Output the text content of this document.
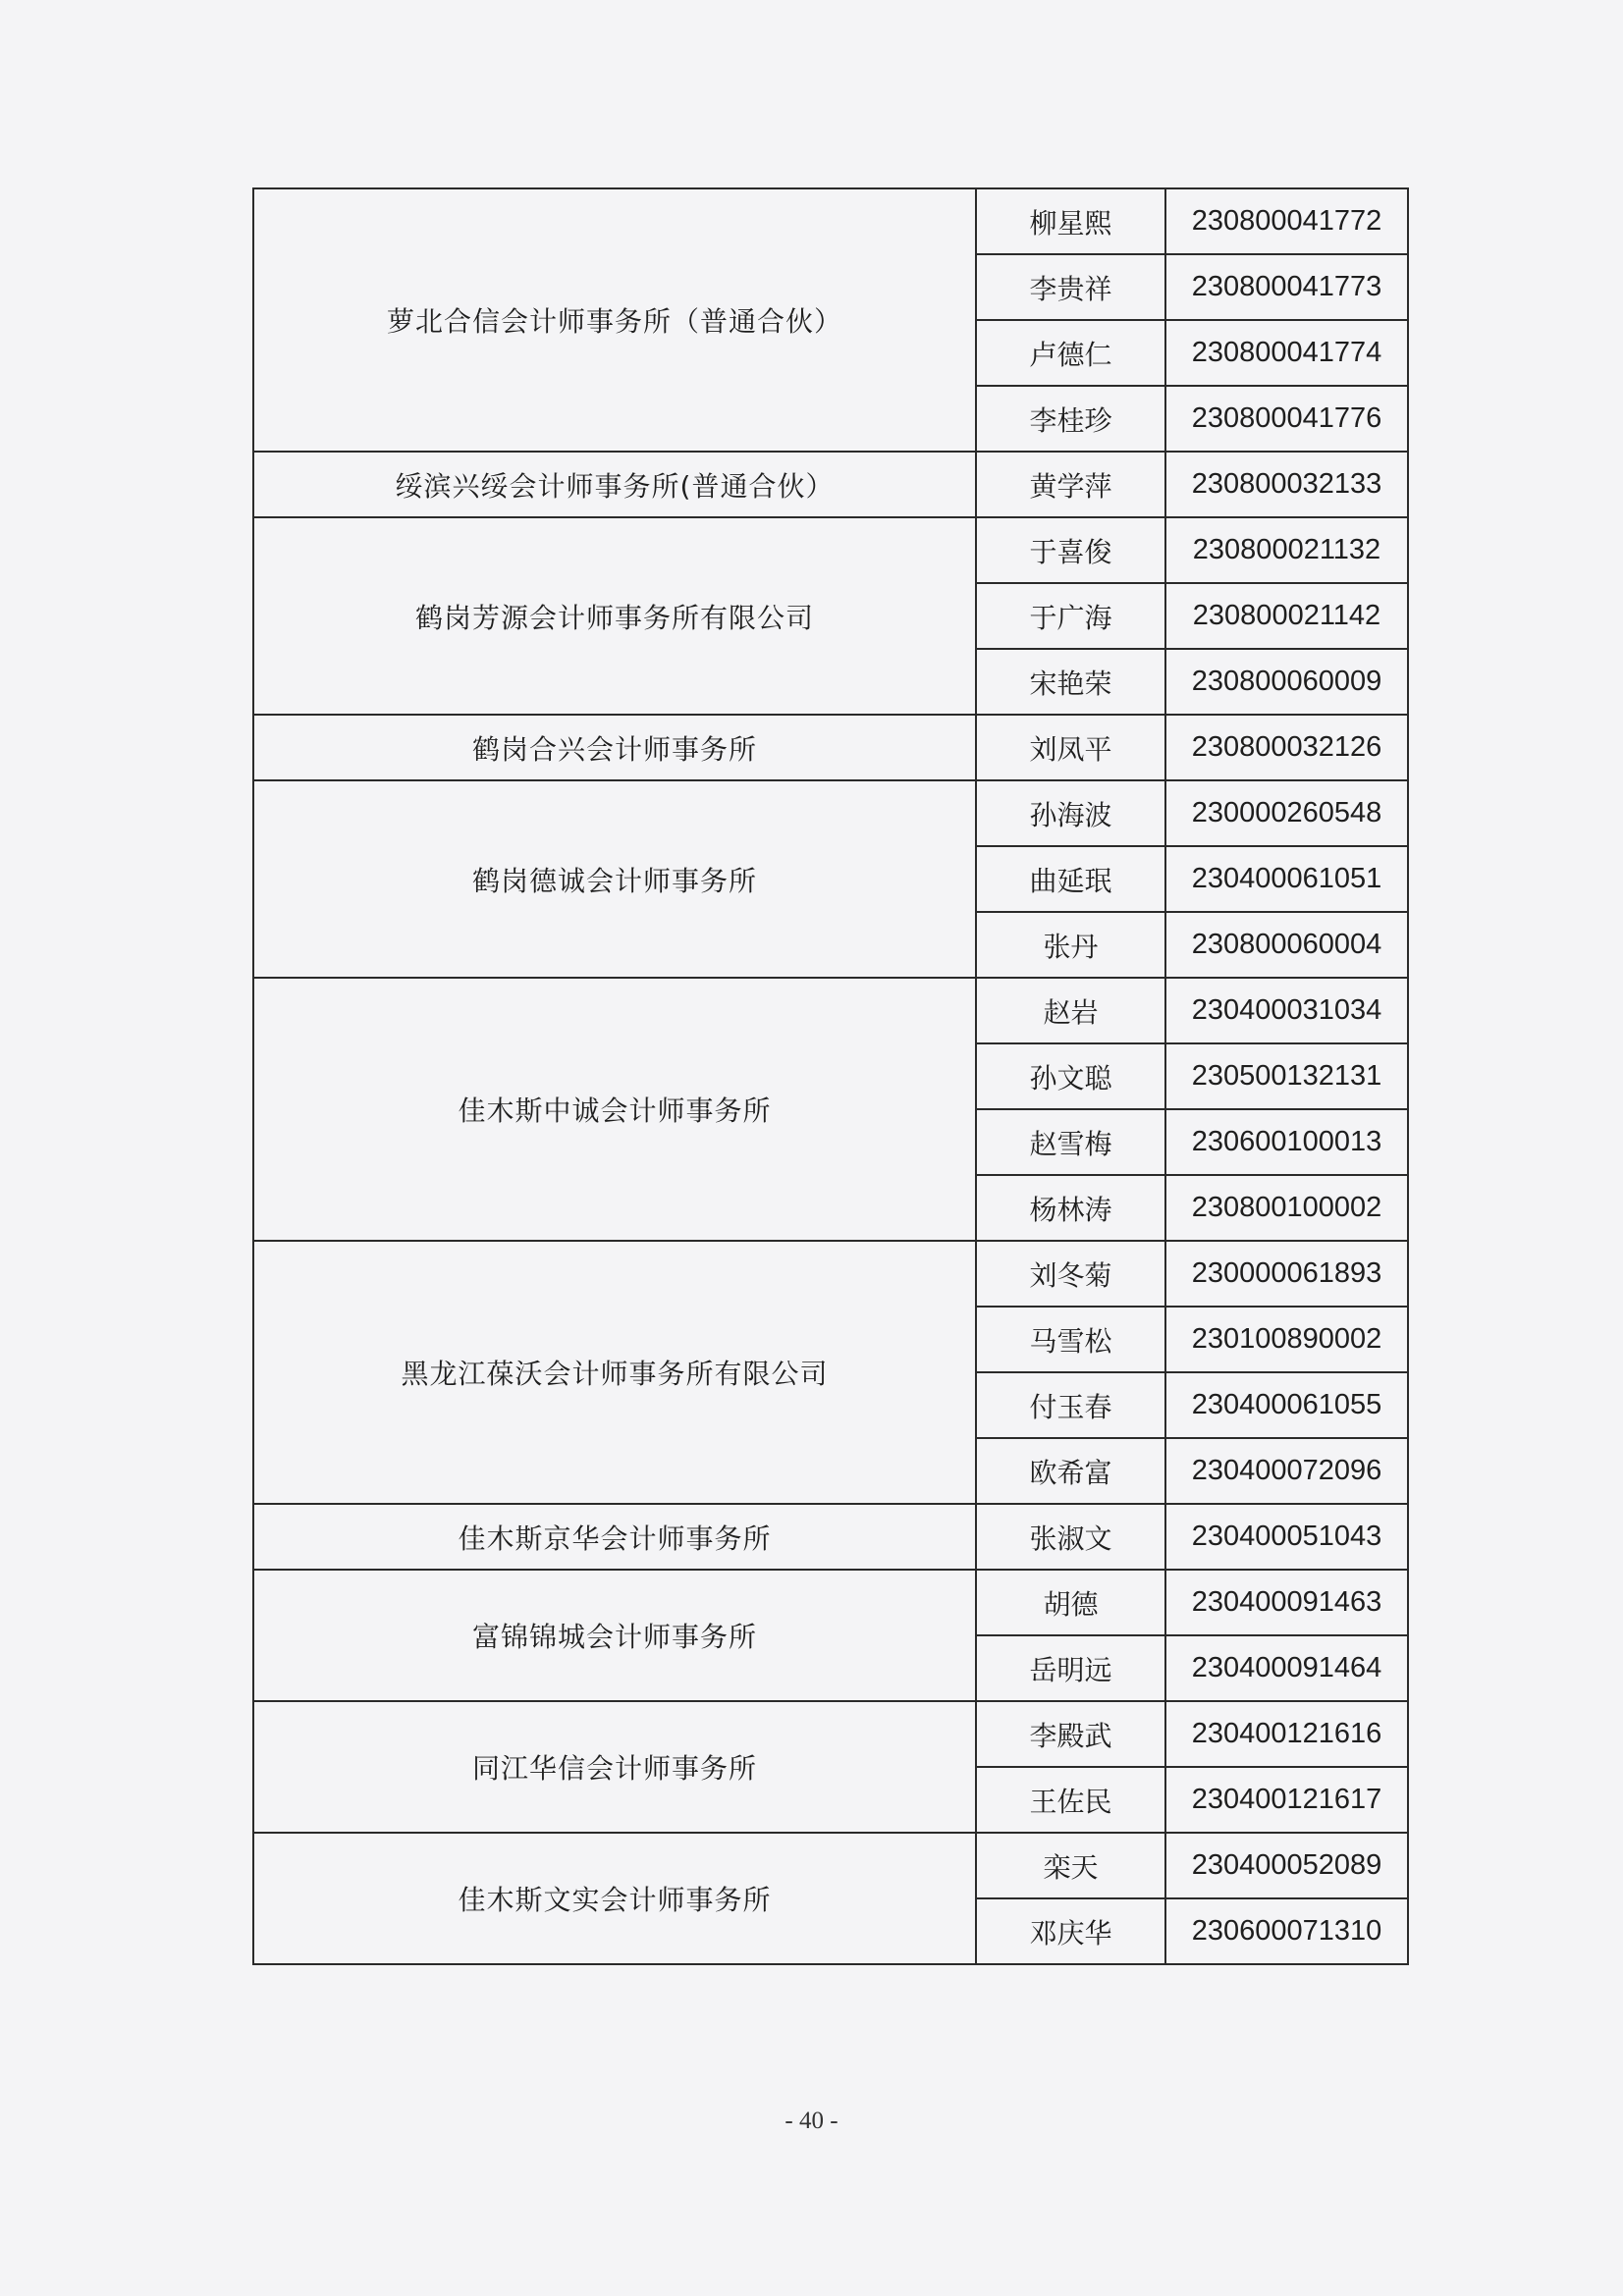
萝北合信会计师事务所（普通合伙）	柳星熙	230800041772
	李贵祥	230800041773
	卢德仁	230800041774
	李桂珍	230800041776
绥滨兴绥会计师事务所(普通合伙）	黄学萍	230800032133
鹤岗芳源会计师事务所有限公司	于喜俊	230800021132
	于广海	230800021142
	宋艳荣	230800060009
鹤岗合兴会计师事务所	刘凤平	230800032126
鹤岗德诚会计师事务所	孙海波	230000260548
	曲延珉	230400061051
	张丹	230800060004
佳木斯中诚会计师事务所	赵岩	230400031034
	孙文聪	230500132131
	赵雪梅	230600100013
	杨林涛	230800100002
黑龙江葆沃会计师事务所有限公司	刘冬菊	230000061893
	马雪松	230100890002
	付玉春	230400061055
	欧希富	230400072096
佳木斯京华会计师事务所	张淑文	230400051043
富锦锦城会计师事务所	胡德	230400091463
	岳明远	230400091464
同江华信会计师事务所	李殿武	230400121616
	王佐民	230400121617
佳木斯文实会计师事务所	栾天	230400052089
	邓庆华	230600071310
- 40 -
